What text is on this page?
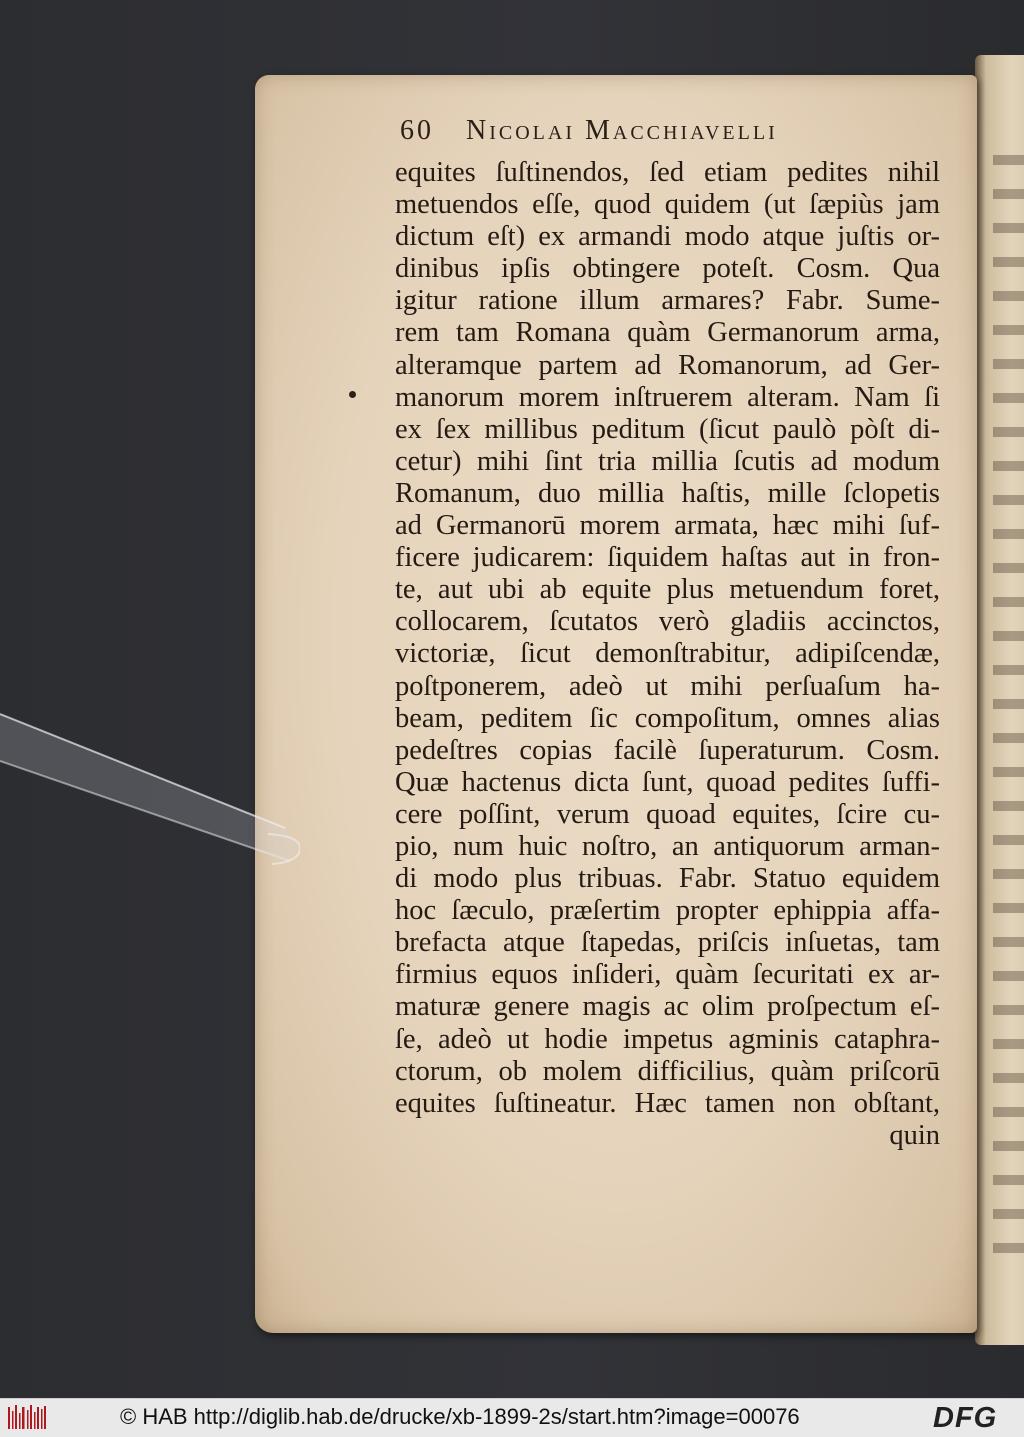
60 Nicolai Macchiavelli
equites ſuſtinendos, ſed etiam pedites nihil
metuendos eſſe, quod quidem (ut ſæpiùs jam
dictum eſt) ex armandi modo atque juſtis or-
dinibus ipſis obtingere poteſt. Cosm. Qua
igitur ratione illum armares? Fabr. Sume-
rem tam Romana quàm Germanorum arma,
alteramque partem ad Romanorum, ad Ger-
manorum morem inſtruerem alteram. Nam ſi
ex ſex millibus peditum (ſicut paulò pòſt di-
cetur) mihi ſint tria millia ſcutis ad modum
Romanum, duo millia haſtis, mille ſclopetis
ad Germanorū morem armata, hæc mihi ſuf-
ficere judicarem: ſiquidem haſtas aut in fron-
te, aut ubi ab equite plus metuendum foret,
collocarem, ſcutatos verò gladiis accinctos,
victoriæ, ſicut demonſtrabitur, adipiſcendæ,
poſtponerem, adeò ut mihi perſuaſum ha-
beam, peditem ſic compoſitum, omnes alias
pedeſtres copias facilè ſuperaturum. Cosm.
Quæ hactenus dicta ſunt, quoad pedites ſuffi-
cere poſſint, verum quoad equites, ſcire cu-
pio, num huic noſtro, an antiquorum arman-
di modo plus tribuas. Fabr. Statuo equidem
hoc ſæculo, præſertim propter ephippia affa-
brefacta atque ſtapedas, priſcis inſuetas, tam
firmius equos inſideri, quàm ſecuritati ex ar-
maturæ genere magis ac olim proſpectum eſ-
ſe, adeò ut hodie impetus agminis cataphra-
ctorum, ob molem difficilius, quàm priſcorū
equites ſuſtineatur. Hæc tamen non obſtant,
quin
© HAB http://diglib.hab.de/drucke/xb-1899-2s/start.htm?image=00076	DFG
